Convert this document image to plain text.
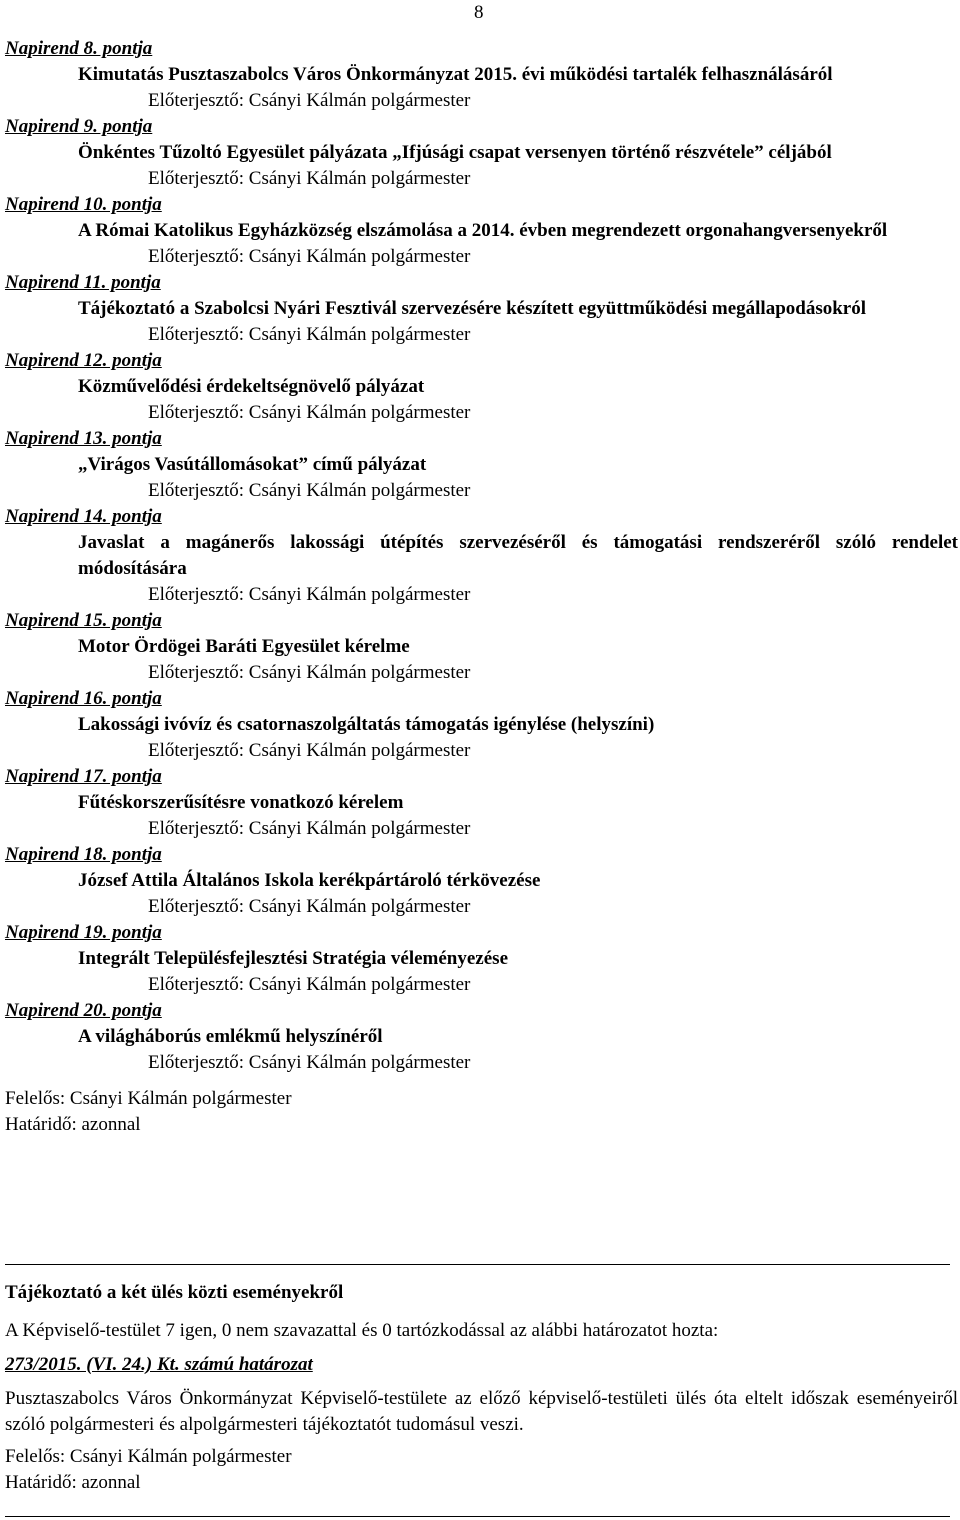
8
Napirend 8. pontja
Kimutatás Pusztaszabolcs Város Önkormányzat 2015. évi működési tartalék felhasználásáról
Előterjesztő: Csányi Kálmán polgármester
Napirend 9. pontja
Önkéntes Tűzoltó Egyesület pályázata „Ifjúsági csapat versenyen történő részvétele” céljából
Előterjesztő: Csányi Kálmán polgármester
Napirend 10. pontja
A Római Katolikus Egyházközség elszámolása a 2014. évben megrendezett orgonahangversenyekről
Előterjesztő: Csányi Kálmán polgármester
Napirend 11. pontja
Tájékoztató a Szabolcsi Nyári Fesztivál szervezésére készített együttműködési megállapodásokról
Előterjesztő: Csányi Kálmán polgármester
Napirend 12. pontja
Közművelődési érdekeltségnövelő pályázat
Előterjesztő: Csányi Kálmán polgármester
Napirend 13. pontja
„Virágos Vasútállomásokat” című pályázat
Előterjesztő: Csányi Kálmán polgármester
Napirend 14. pontja
Javaslat a magánerős lakossági útépítés szervezéséről és támogatási rendszeréről szóló rendelet módosítására
Előterjesztő: Csányi Kálmán polgármester
Napirend 15. pontja
Motor Ördögei Baráti Egyesület kérelme
Előterjesztő: Csányi Kálmán polgármester
Napirend 16. pontja
Lakossági ivóvíz és csatornaszolgáltatás támogatás igénylése (helyszíni)
Előterjesztő: Csányi Kálmán polgármester
Napirend 17. pontja
Fűtéskorszerűsítésre vonatkozó kérelem
Előterjesztő: Csányi Kálmán polgármester
Napirend 18. pontja
József Attila Általános Iskola kerékpártároló térkövezése
Előterjesztő: Csányi Kálmán polgármester
Napirend 19. pontja
Integrált Településfejlesztési Stratégia véleményezése
Előterjesztő: Csányi Kálmán polgármester
Napirend 20. pontja
A világháborús emlékmű helyszínéről
Előterjesztő: Csányi Kálmán polgármester
Felelős: Csányi Kálmán polgármester
Határidő: azonnal
Tájékoztató a két ülés közti eseményekről
A Képviselő-testület 7 igen, 0 nem szavazattal és 0 tartózkodással az alábbi határozatot hozta:
273/2015. (VI. 24.) Kt. számú határozat
Pusztaszabolcs Város Önkormányzat Képviselő-testülete az előző képviselő-testületi ülés óta eltelt időszak eseményeiről szóló polgármesteri és alpolgármesteri tájékoztatót tudomásul veszi.
Felelős: Csányi Kálmán polgármester
Határidő: azonnal
